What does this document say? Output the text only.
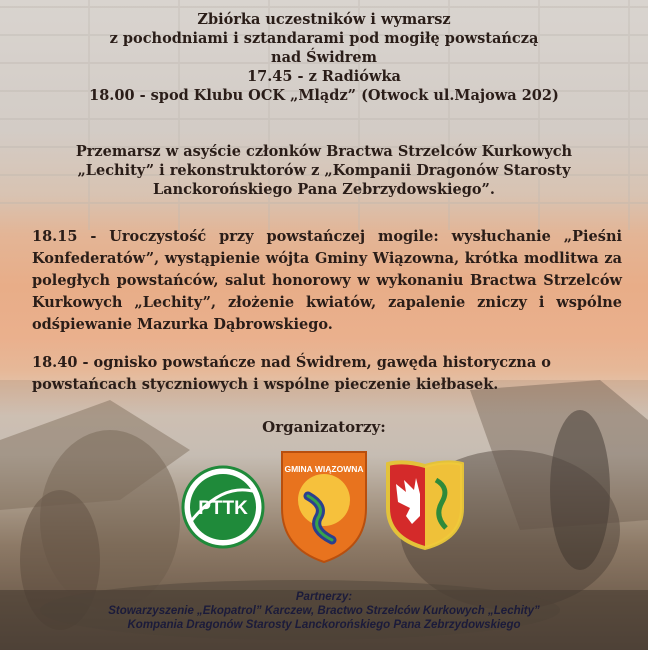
Zbiórka uczestników i wymarsz
z pochodniami i sztandarami pod mogiłę powstańczą
nad Świdrem
17.45 - z Radiówka
18.00 - spod Klubu OCK „Mlądz” (Otwock ul.Majowa 202)
Przemarsz w asyście członków Bractwa Strzelców Kurkowych
„Lechity” i rekonstruktorów z „Kompanii Dragonów Starosty
Lanckorońskiego Pana Zebrzydowskiego”.
18.15 - Uroczystość przy powstańczej mogile: wysłuchanie „Pieśni Konfederatów”, wystąpienie wójta Gminy Wiązowna, krótka modlitwa za poległych powstańców, salut honorowy w wykonaniu Bractwa Strzelców Kurkowych „Lechity”, złożenie kwiatów, zapalenie zniczy i wspólne odśpiewanie Mazurka Dąbrowskiego.
18.40 - ognisko powstańcze nad Świdrem, gawęda historyczna o
powstańcach styczniowych i wspólne pieczenie kiełbasek.
Organizatorzy:
PTTK
GMINA WIĄZOWNA
Partnerzy:
Stowarzyszenie „Ekopatrol” Karczew, Bractwo Strzelców Kurkowych „Lechity”
Kompania Dragonów Starosty Lanckorońskiego Pana Zebrzydowskiego
